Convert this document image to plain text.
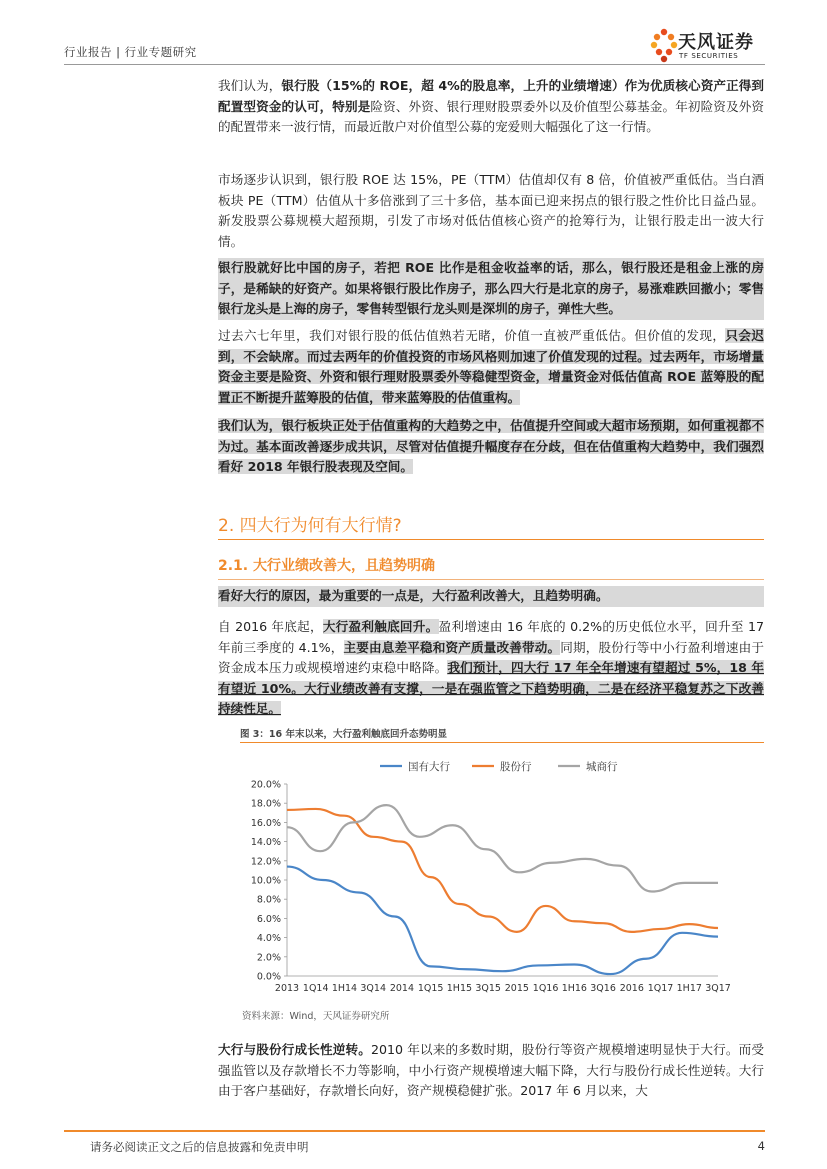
行业报告 | 行业专题研究	天风证券
TF SECURITIES
我们认为，银行股（15%的 ROE，超 4%的股息率，上升的业绩增速）作为优质核心资产正得到配置型资金的认可，特别是险资、外资、银行理财股票委外以及价值型公募基金。年初险资及外资的配置带来一波行情，而最近散户对价值型公募的宠爱则大幅强化了这一行情。
市场逐步认识到，银行股 ROE 达 15%，PE（TTM）估值却仅有 8 倍，价值被严重低估。当白酒板块 PE（TTM）估值从十多倍涨到了三十多倍，基本面已迎来拐点的银行股之性价比日益凸显。新发股票公募规模大超预期，引发了市场对低估值核心资产的抢筹行为，让银行股走出一波大行情。
银行股就好比中国的房子，若把 ROE 比作是租金收益率的话，那么，银行股还是租金上涨的房子，是稀缺的好资产。如果将银行股比作房子，那么四大行是北京的房子，易涨难跌回撤小；零售银行龙头是上海的房子，零售转型银行龙头则是深圳的房子，弹性大些。
过去六七年里，我们对银行股的低估值熟若无睹，价值一直被严重低估。但价值的发现，只会迟到，不会缺席。而过去两年的价值投资的市场风格则加速了价值发现的过程。过去两年，市场增量资金主要是险资、外资和银行理财股票委外等稳健型资金，增量资金对低估值高 ROE 蓝筹股的配置正不断提升蓝筹股的估值，带来蓝筹股的估值重构。
我们认为，银行板块正处于估值重构的大趋势之中，估值提升空间或大超市场预期，如何重视都不为过。基本面改善逐步成共识，尽管对估值提升幅度存在分歧，但在估值重构大趋势中，我们强烈看好 2018 年银行股表现及空间。
2. 四大行为何有大行情?
2.1. 大行业绩改善大，且趋势明确
看好大行的原因，最为重要的一点是，大行盈利改善大，且趋势明确。
自 2016 年底起，大行盈利触底回升。盈利增速由 16 年底的 0.2%的历史低位水平，回升至 17 年前三季度的 4.1%，主要由息差平稳和资产质量改善带动。同期，股份行等中小行盈利增速由于资金成本压力或规模增速约束稳中略降。我们预计，四大行 17 年全年增速有望超过 5%，18 年有望近 10%。大行业绩改善有支撑，一是在强监管之下趋势明确，二是在经济平稳复苏之下改善持续性足。
图 3：16 年末以来，大行盈利触底回升态势明显
0.0%
2.0%
4.0%
6.0%
8.0%
10.0%
12.0%
14.0%
16.0%
18.0%
20.0%
2013 1Q14 1H14 3Q14 2014 1Q15 1H15 3Q15 2015 1Q16 1H16 3Q16 2016 1Q17 1H17 3Q17
国有大行	股份行	城商行
资料来源：Wind，天风证券研究所
大行与股份行成长性逆转。2010 年以来的多数时期，股份行等资产规模增速明显快于大行。而受强监管以及存款增长不力等影响，中小行资产规模增速大幅下降，大行与股份行成长性逆转。大行由于客户基础好，存款增长向好，资产规模稳健扩张。2017 年 6 月以来，大
请务必阅读正文之后的信息披露和免责申明	4
